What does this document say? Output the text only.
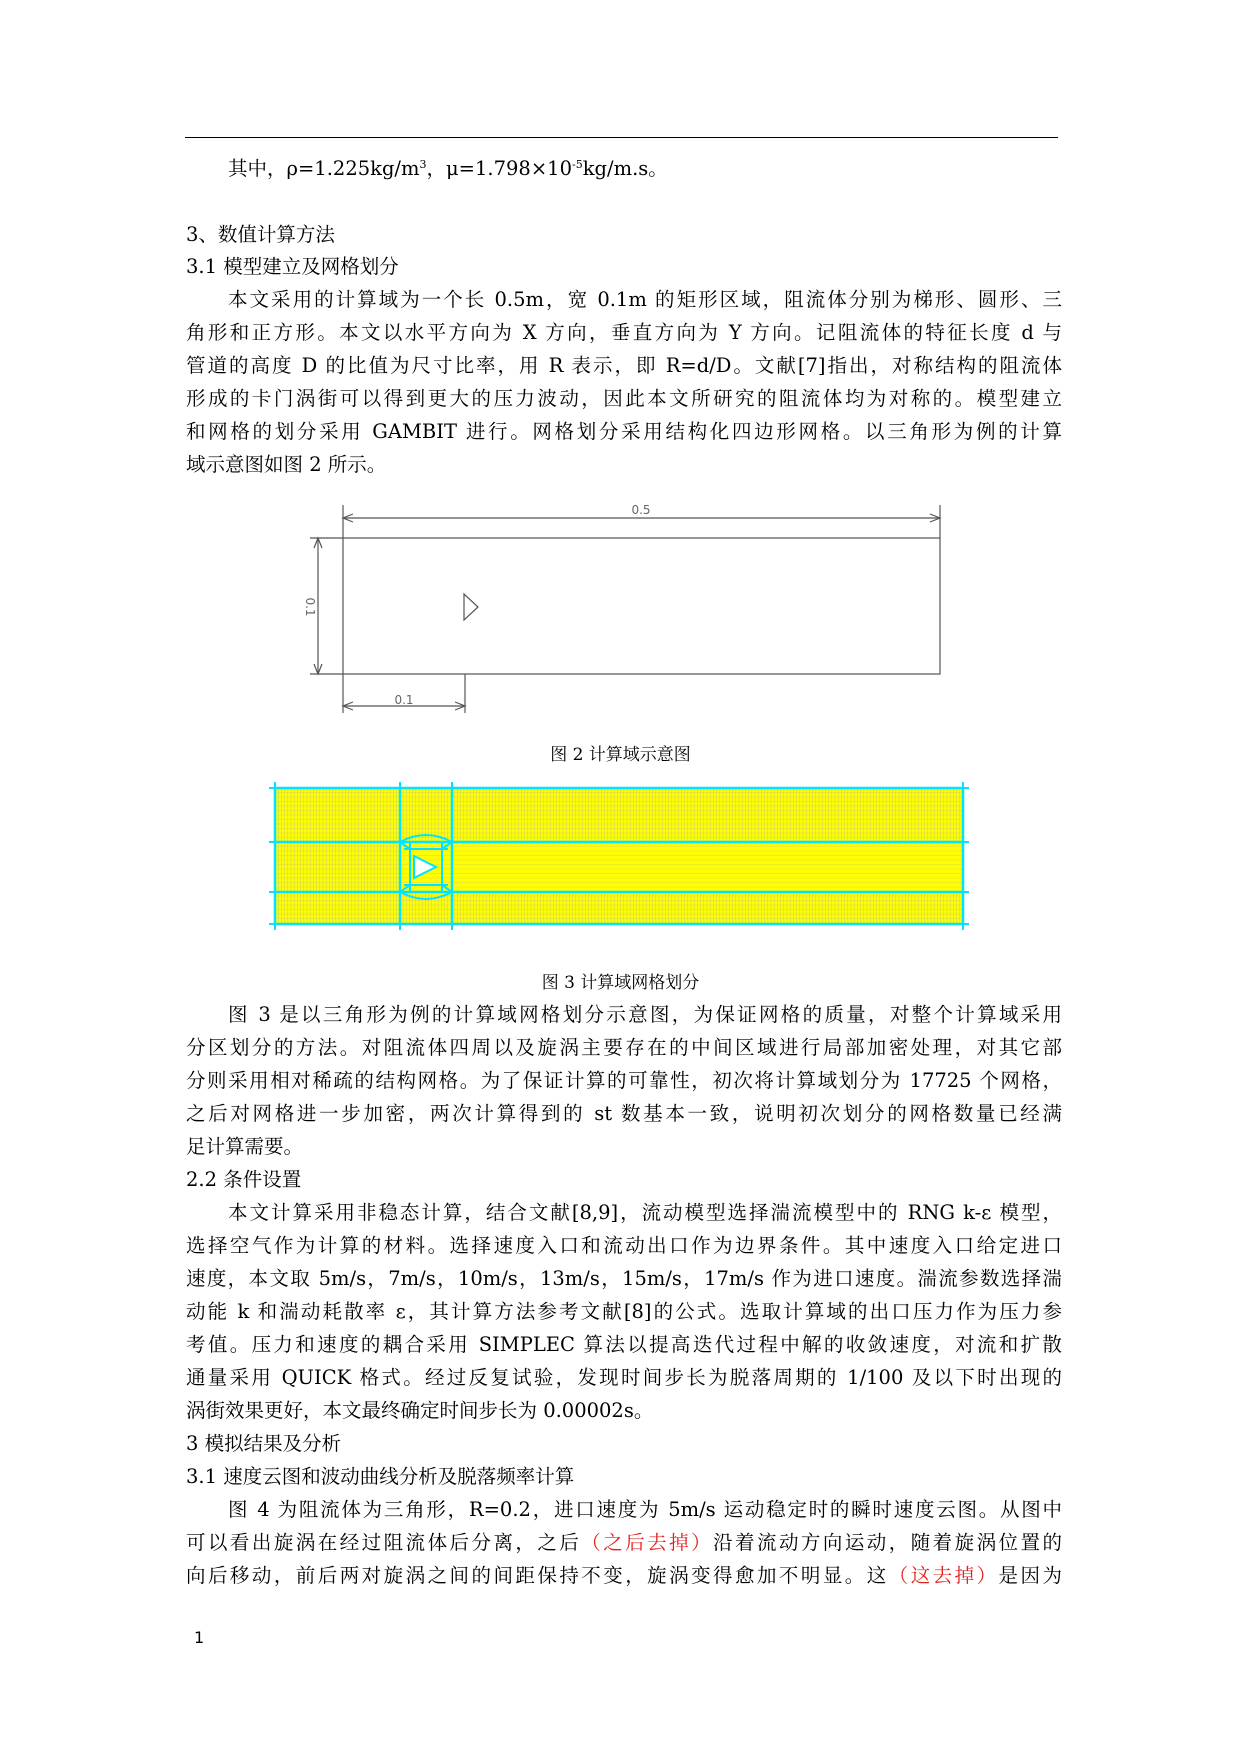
其中，$\rho=1.225kg/m^3$，$\mu=1.798\times 10^{-5}kg/m.s$。
3、数值计算方法
3.1 模型建立及网格划分
本文采用的计算域为一个长 0.5m，宽 0.1m 的矩形区域，阻流体分别为梯形、圆形、三
角形和正方形。本文以水平方向为 X 方向，垂直方向为 Y 方向。记阻流体的特征长度 d 与
管道的高度 D 的比值为尺寸比率，用 R 表示，即 R=d/D。文献[7]指出，对称结构的阻流体
形成的卡门涡街可以得到更大的压力波动，因此本文所研究的阻流体均为对称的。模型建立
和网格的划分采用 GAMBIT 进行。网格划分采用结构化四边形网格。以三角形为例的计算
域示意图如图 2 所示。
0.5
0.1
0.1
图 2 计算域示意图
图 3 计算域网格划分
图 3 是以三角形为例的计算域网格划分示意图，为保证网格的质量，对整个计算域采用
分区划分的方法。对阻流体四周以及旋涡主要存在的中间区域进行局部加密处理，对其它部
分则采用相对稀疏的结构网格。为了保证计算的可靠性，初次将计算域划分为 17725 个网格，
之后对网格进一步加密，两次计算得到的 st 数基本一致，说明初次划分的网格数量已经满
足计算需要。
2.2 条件设置
本文计算采用非稳态计算，结合文献[8,9]，流动模型选择湍流模型中的 RNG k-ε 模型，
选择空气作为计算的材料。选择速度入口和流动出口作为边界条件。其中速度入口给定进口
速度，本文取 5m/s，7m/s，10m/s，13m/s，15m/s，17m/s 作为进口速度。湍流参数选择湍
动能 k 和湍动耗散率 ε，其计算方法参考文献[8]的公式。选取计算域的出口压力作为压力参
考值。压力和速度的耦合采用 SIMPLEC 算法以提高迭代过程中解的收敛速度，对流和扩散
通量采用 QUICK 格式。经过反复试验，发现时间步长为脱落周期的 1/100 及以下时出现的
涡街效果更好，本文最终确定时间步长为 0.00002s。
3 模拟结果及分析
3.1 速度云图和波动曲线分析及脱落频率计算
图 4 为阻流体为三角形，R=0.2，进口速度为 5m/s 运动稳定时的瞬时速度云图。从图中
可以看出旋涡在经过阻流体后分离，之后（之后去掉）沿着流动方向运动，随着旋涡位置的
向后移动，前后两对旋涡之间的间距保持不变，旋涡变得愈加不明显。这（这去掉）是因为
1
